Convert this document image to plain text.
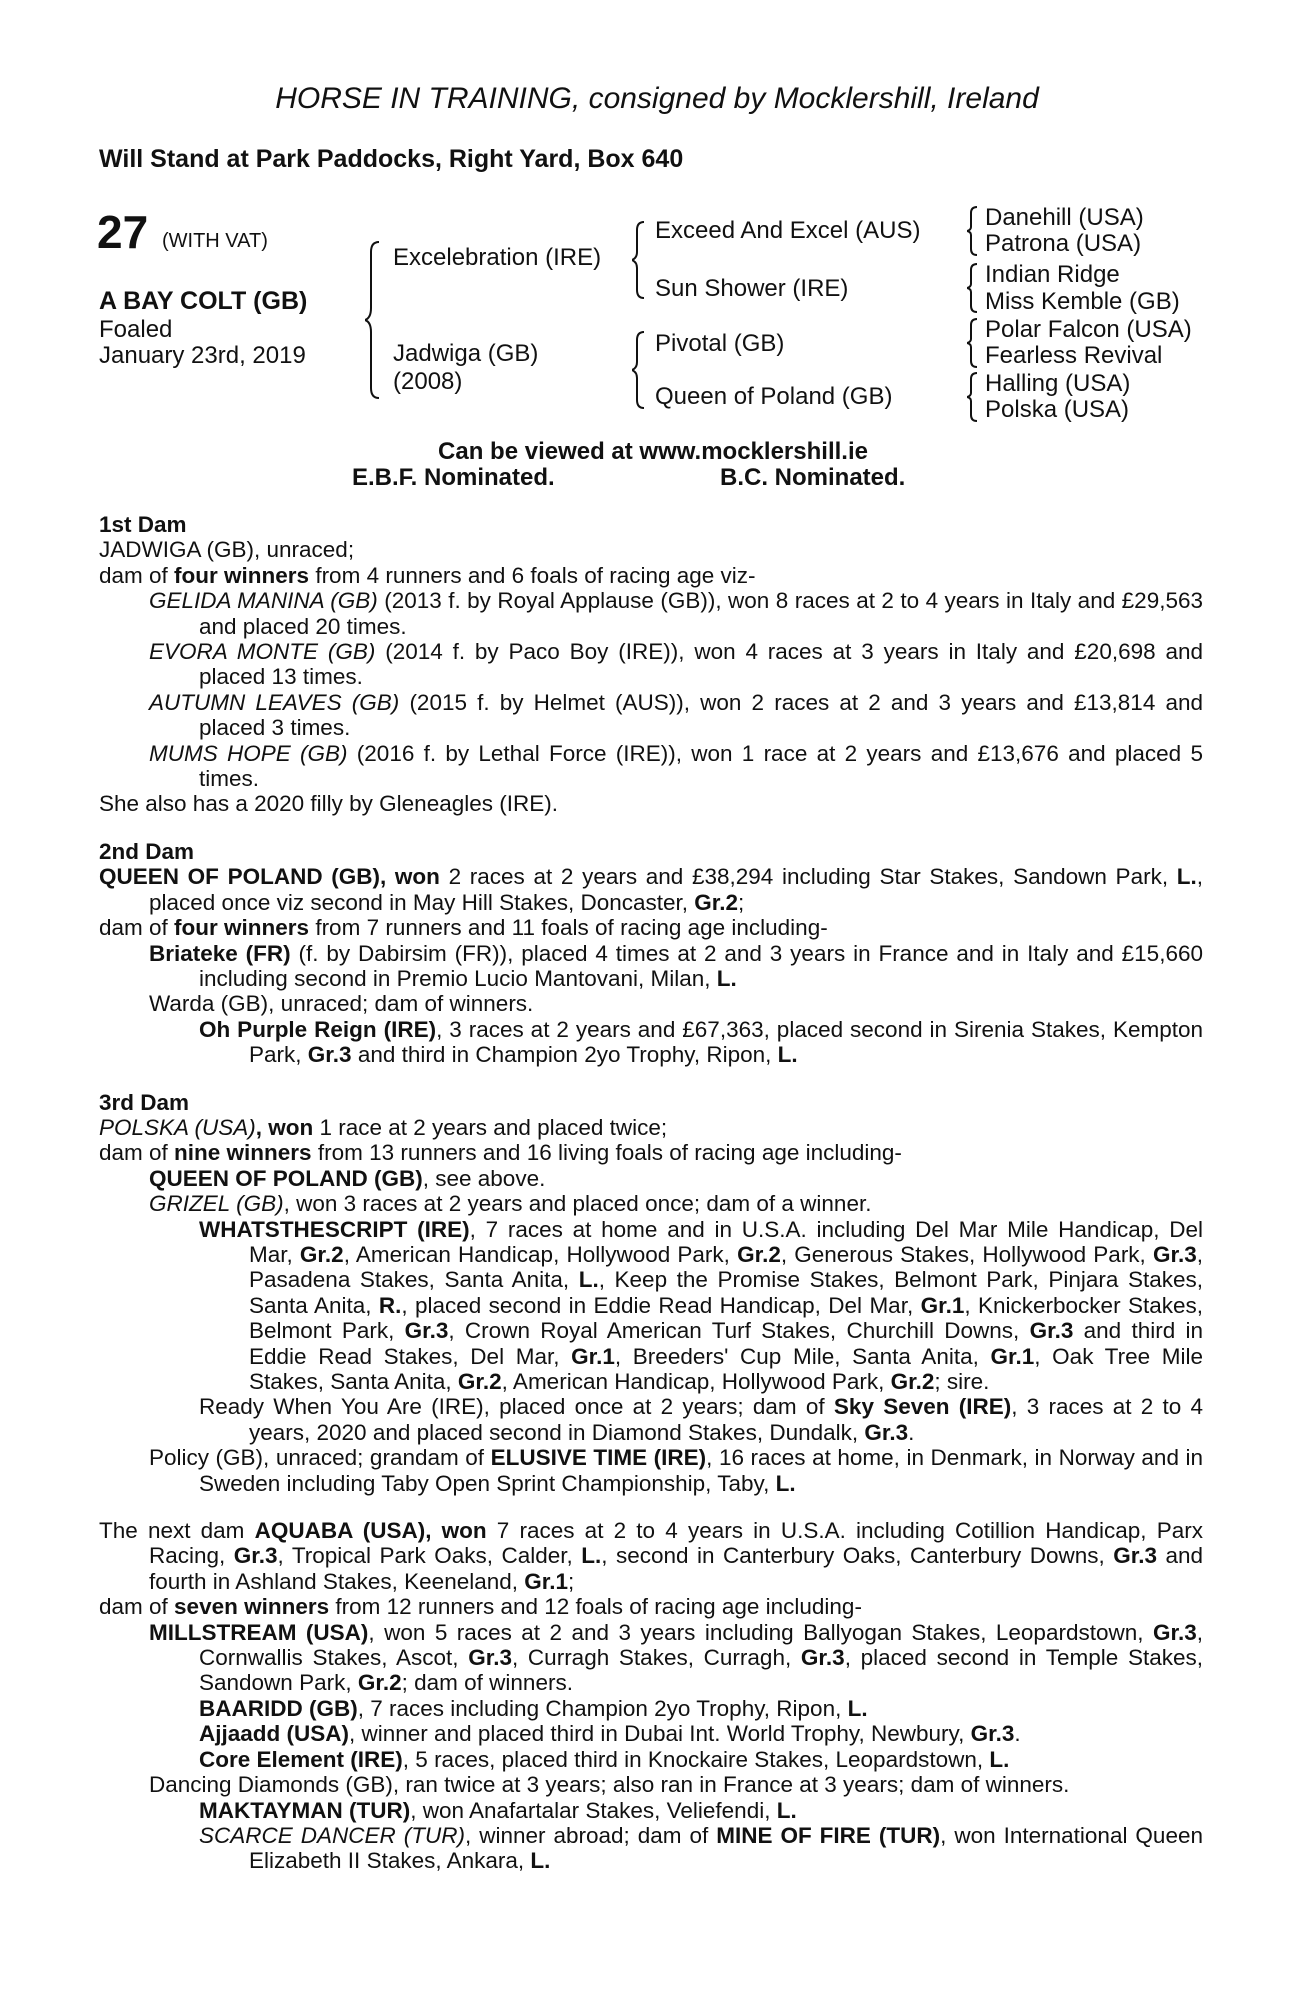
HORSE IN TRAINING, consigned by Mocklershill, Ireland
Will Stand at Park Paddocks, Right Yard, Box 640
27 (WITH VAT)
A BAY COLT (GB)
Foaled
January 23rd, 2019
Excelebration (IRE)
Jadwiga (GB)
(2008)
Exceed And Excel (AUS)
Sun Shower (IRE)
Pivotal (GB)
Queen of Poland (GB)
Danehill (USA)
Patrona (USA)
Indian Ridge
Miss Kemble (GB)
Polar Falcon (USA)
Fearless Revival
Halling (USA)
Polska (USA)
Can be viewed at www.mocklershill.ie
E.B.F. Nominated.	B.C. Nominated.

1st Dam

JADWIGA (GB), unraced;

dam of four winners from 4 runners and 6 foals of racing age viz-

GELIDA MANINA (GB) (2013 f. by Royal Applause (GB)), won 8 races at 2 to 4 years in Italy and £29,563 and placed 20 times.

EVORA MONTE (GB) (2014 f. by Paco Boy (IRE)), won 4 races at 3 years in Italy and £20,698 and placed 13 times.

AUTUMN LEAVES (GB) (2015 f. by Helmet (AUS)), won 2 races at 2 and 3 years and £13,814 and placed 3 times.

MUMS HOPE (GB) (2016 f. by Lethal Force (IRE)), won 1 race at 2 years and £13,676 and placed 5 times.

She also has a 2020 filly by Gleneagles (IRE).

2nd Dam

QUEEN OF POLAND (GB), won 2 races at 2 years and £38,294 including Star Stakes, Sandown Park, L., placed once viz second in May Hill Stakes, Doncaster, Gr.2;

dam of four winners from 7 runners and 11 foals of racing age including-

Briateke (FR) (f. by Dabirsim (FR)), placed 4 times at 2 and 3 years in France and in Italy and £15,660 including second in Premio Lucio Mantovani, Milan, L.

Warda (GB), unraced; dam of winners.

Oh Purple Reign (IRE), 3 races at 2 years and £67,363, placed second in Sirenia Stakes, Kempton Park, Gr.3 and third in Champion 2yo Trophy, Ripon, L.

3rd Dam

POLSKA (USA), won 1 race at 2 years and placed twice;

dam of nine winners from 13 runners and 16 living foals of racing age including-

QUEEN OF POLAND (GB), see above.

GRIZEL (GB), won 3 races at 2 years and placed once; dam of a winner.

WHATSTHESCRIPT (IRE), 7 races at home and in U.S.A. including Del Mar Mile Handicap, Del Mar, Gr.2, American Handicap, Hollywood Park, Gr.2, Generous Stakes, Hollywood Park, Gr.3, Pasadena Stakes, Santa Anita, L., Keep the Promise Stakes, Belmont Park, Pinjara Stakes, Santa Anita, R., placed second in Eddie Read Handicap, Del Mar, Gr.1, Knickerbocker Stakes, Belmont Park, Gr.3, Crown Royal American Turf Stakes, Churchill Downs, Gr.3 and third in Eddie Read Stakes, Del Mar, Gr.1, Breeders' Cup Mile, Santa Anita, Gr.1, Oak Tree Mile Stakes, Santa Anita, Gr.2, American Handicap, Hollywood Park, Gr.2; sire.

Ready When You Are (IRE), placed once at 2 years; dam of Sky Seven (IRE), 3 races at 2 to 4 years, 2020 and placed second in Diamond Stakes, Dundalk, Gr.3.

Policy (GB), unraced; grandam of ELUSIVE TIME (IRE), 16 races at home, in Denmark, in Norway and in Sweden including Taby Open Sprint Championship, Taby, L.

The next dam AQUABA (USA), won 7 races at 2 to 4 years in U.S.A. including Cotillion Handicap, Parx Racing, Gr.3, Tropical Park Oaks, Calder, L., second in Canterbury Oaks, Canterbury Downs, Gr.3 and fourth in Ashland Stakes, Keeneland, Gr.1;

dam of seven winners from 12 runners and 12 foals of racing age including-

MILLSTREAM (USA), won 5 races at 2 and 3 years including Ballyogan Stakes, Leopardstown, Gr.3, Cornwallis Stakes, Ascot, Gr.3, Curragh Stakes, Curragh, Gr.3, placed second in Temple Stakes, Sandown Park, Gr.2; dam of winners.

BAARIDD (GB), 7 races including Champion 2yo Trophy, Ripon, L.

Ajjaadd (USA), winner and placed third in Dubai Int. World Trophy, Newbury, Gr.3.

Core Element (IRE), 5 races, placed third in Knockaire Stakes, Leopardstown, L.

Dancing Diamonds (GB), ran twice at 3 years; also ran in France at 3 years; dam of winners.

MAKTAYMAN (TUR), won Anafartalar Stakes, Veliefendi, L.

SCARCE DANCER (TUR), winner abroad; dam of MINE OF FIRE (TUR), won International Queen Elizabeth II Stakes, Ankara, L.
